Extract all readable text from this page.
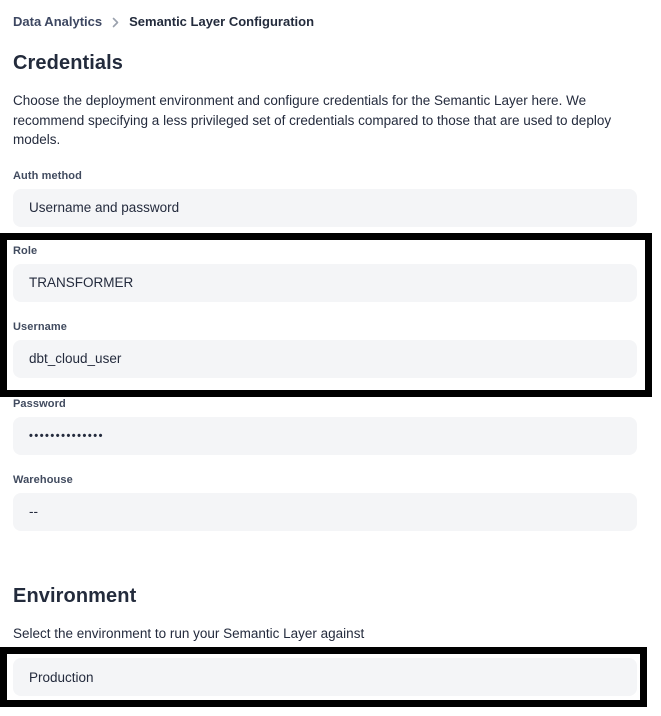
Data Analytics Semantic Layer Configuration
Credentials

Choose the deployment environment and configure credentials for the Semantic Layer here. We recommend specifying a less privileged set of credentials compared to those that are used to deploy models.

Auth method
Username and password
Role
TRANSFORMER
Username
dbt_cloud_user
Password
••••••••••••••
Warehouse
--
Environment

Select the environment to run your Semantic Layer against

Production
